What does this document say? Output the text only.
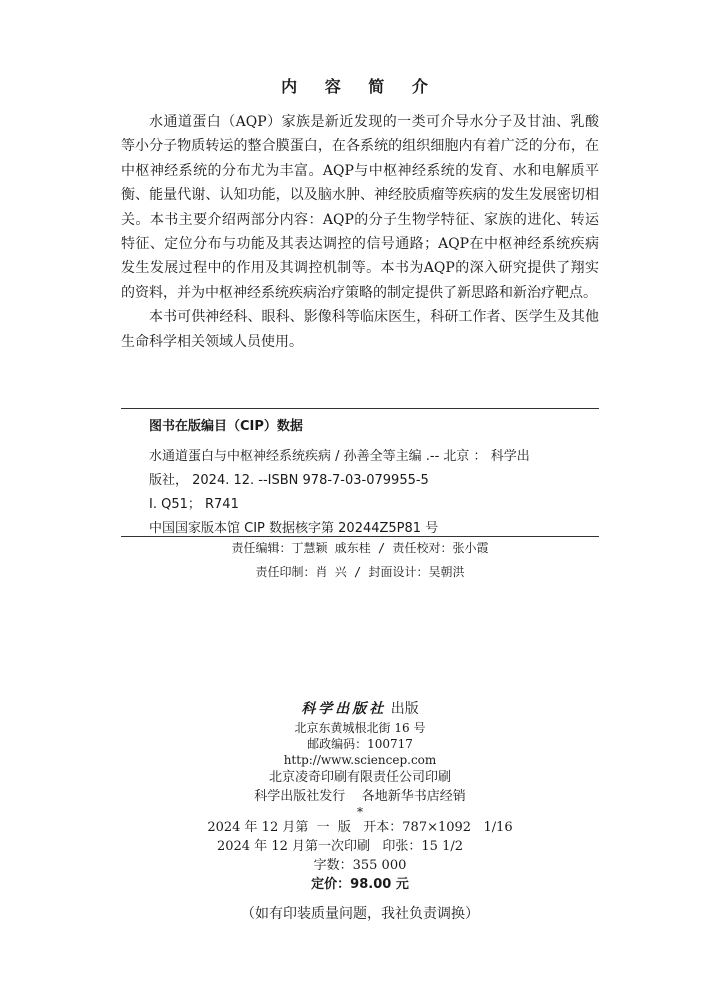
内 容 简 介

水通道蛋白（AQP）家族是新近发现的一类可介导水分子及甘油、乳酸等小分子物质转运的整合膜蛋白，在各系统的组织细胞内有着广泛的分布，在中枢神经系统的分布尤为丰富。AQP与中枢神经系统的发育、水和电解质平衡、能量代谢、认知功能，以及脑水肿、神经胶质瘤等疾病的发生发展密切相关。本书主要介绍两部分内容：AQP的分子生物学特征、家族的进化、转运特征、定位分布与功能及其表达调控的信号通路；AQP在中枢神经系统疾病发生发展过程中的作用及其调控机制等。本书为AQP的深入研究提供了翔实的资料，并为中枢神经系统疾病治疗策略的制定提供了新思路和新治疗靶点。

本书可供神经科、眼科、影像科等临床医生，科研工作者、医学生及其他生命科学相关领域人员使用。

图书在版编目（CIP）数据
水通道蛋白与中枢神经系统疾病 / 孙善全等主编 .-- 北京 ： 科学出
版社， 2024. 12. --ISBN 978-7-03-079955-5
Ⅰ. Q51； R741
中国国家版本馆 CIP 数据核字第 20244Z5P81 号
责任编辑：丁慧颖 戚东桂 / 责任校对：张小霞
责任印制：肖 兴 / 封面设计：吴朝洪
科学出版社 出版
北京东黄城根北街 16 号
邮政编码：100717
http://www.sciencep.com
北京凌奇印刷有限责任公司印刷
科学出版社发行    各地新华书店经销
*
2024 年 12 月第  一  版   开本：787×1092   1/16
2024 年 12 月第一次印刷   印张：15 1/2
字数：355 000
定价：98.00 元
（如有印装质量问题，我社负责调换）
